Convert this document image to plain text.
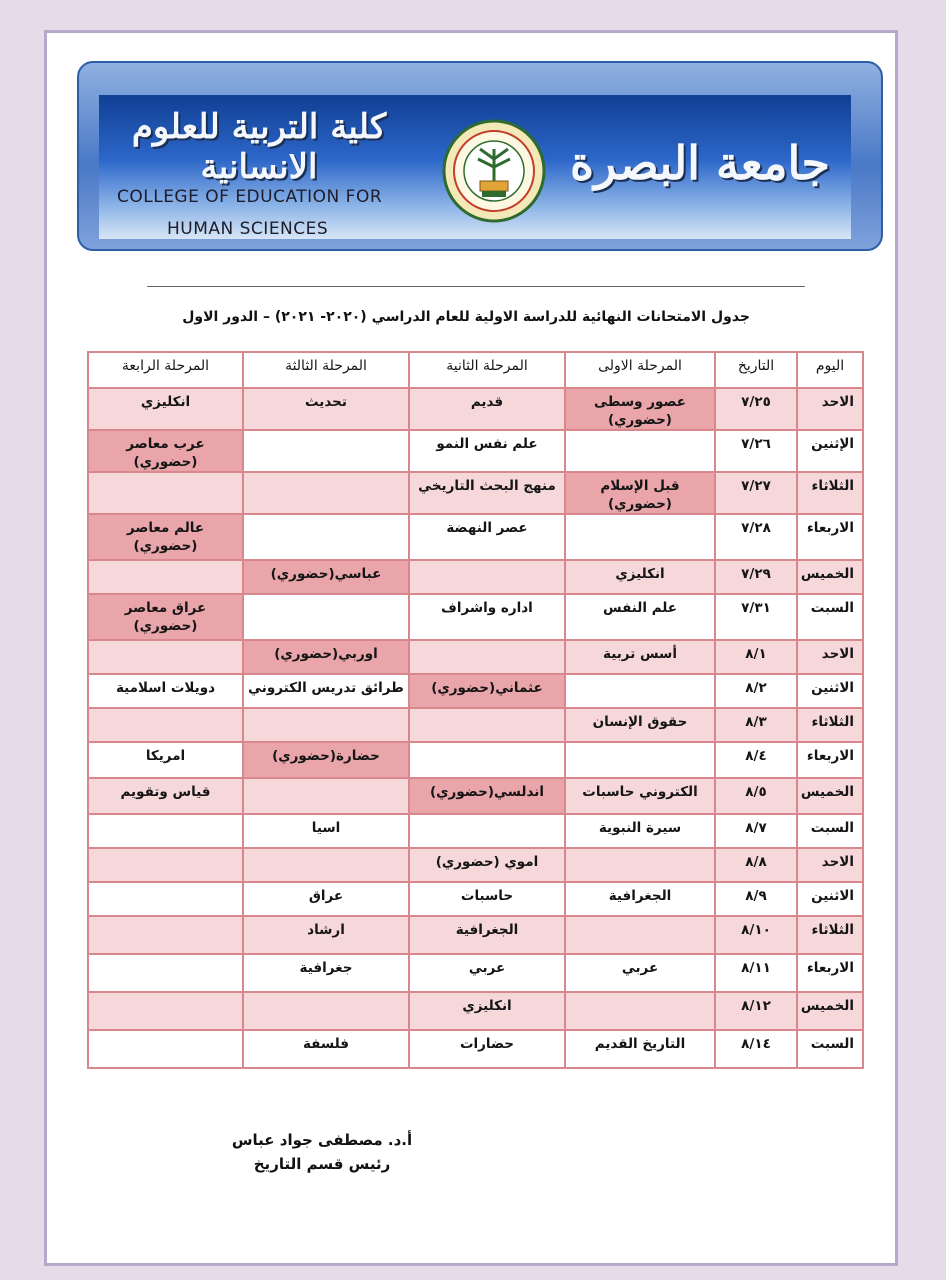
كلية التربية للعلوم الانسانية
COLLEGE OF EDUCATION FOR
HUMAN SCIENCES
جامعة البصرة
جدول الامتحانات النهائية للدراسة الاولية للعام الدراسي (٢٠٢٠- ٢٠٢١) – الدور الاول
اليوم	التاريخ	المرحلة الاولى	المرحلة الثانية	المرحلة الثالثة	المرحلة الرابعة
الاحد	٧/٢٥	عصور وسطى (حضوري)	قديم	تحديث	انكليزي
الإثنين	٧/٢٦		علم نفس النمو		عرب معاصر (حضوري)
الثلاثاء	٧/٢٧	قبل الإسلام (حضوري)	منهج البحث التاريخي		
الاربعاء	٧/٢٨		عصر النهضة		عالم معاصر (حضوري)
الخميس	٧/٢٩	انكليزي		عباسي(حضوري)	
السبت	٧/٣١	علم النفس	اداره واشراف		عراق معاصر (حضوري)
الاحد	٨/١	أسس تربية		اوربي(حضوري)	
الاثنين	٨/٢		عثماني(حضوري)	طرائق تدريس الكتروني	دويلات اسلامية
الثلاثاء	٨/٣	حقوق الإنسان			
الاربعاء	٨/٤			حضارة(حضوري)	امريكا
الخميس	٨/٥	الكتروني حاسبات	اندلسي(حضوري)		قياس وتقويم
السبت	٨/٧	سيرة النبوية		اسيا	
الاحد	٨/٨		اموي (حضوري)		
الاثنين	٨/٩	الجغرافية	حاسبات	عراق	
الثلاثاء	٨/١٠		الجغرافية	ارشاد	
الاربعاء	٨/١١	عربي	عربي	جغرافية	
الخميس	٨/١٢		انكليزي		
السبت	٨/١٤	التاريخ القديم	حضارات	فلسفة	
أ.د. مصطفى جواد عباس
رئيس قسم التاريخ
